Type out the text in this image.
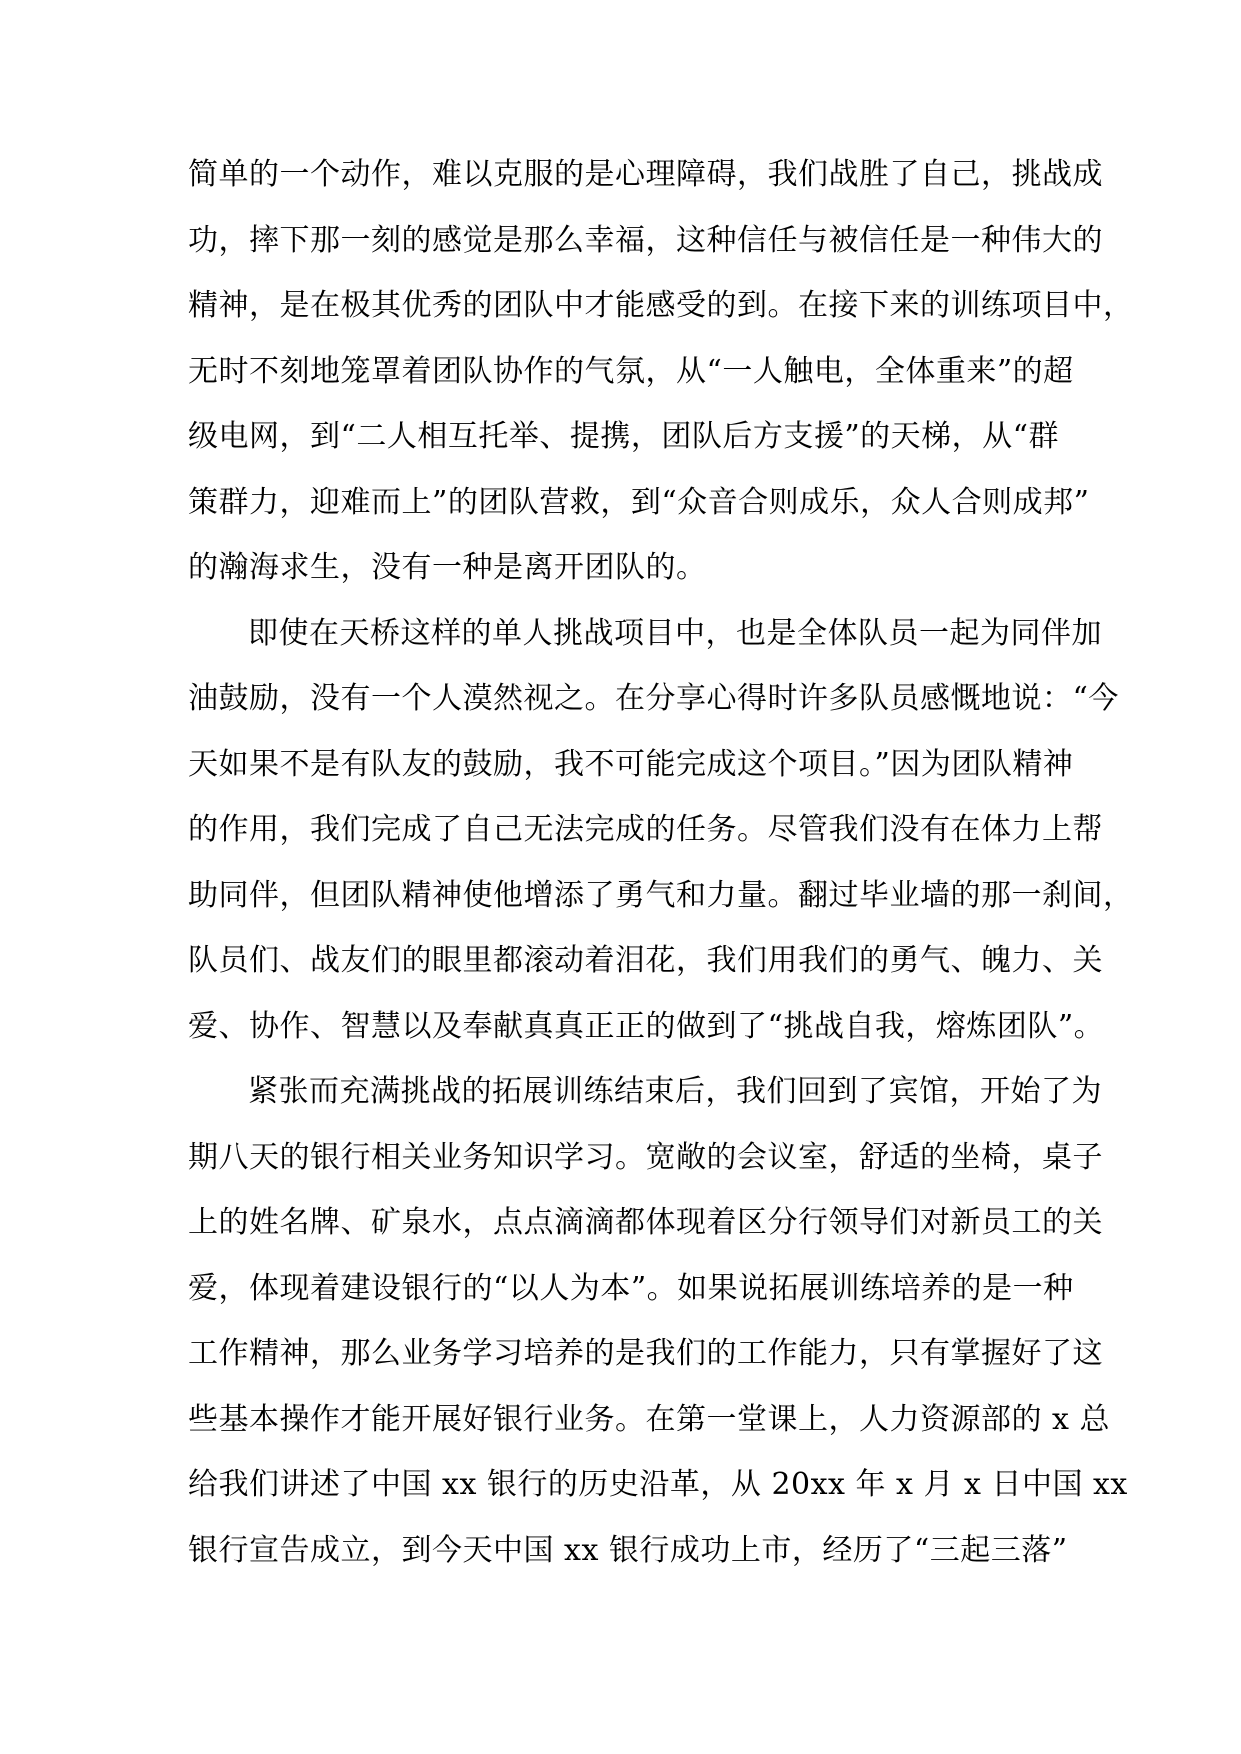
简单的一个动作，难以克服的是心理障碍，我们战胜了自己，挑战成
功，摔下那一刻的感觉是那么幸福，这种信任与被信任是一种伟大的
精神，是在极其优秀的团队中才能感受的到。在接下来的训练项目中，
无时不刻地笼罩着团队协作的气氛，从“一人触电，全体重来”的超
级电网，到“二人相互托举、提携，团队后方支援”的天梯，从“群
策群力，迎难而上”的团队营救，到“众音合则成乐，众人合则成邦”
的瀚海求生，没有一种是离开团队的。
即使在天桥这样的单人挑战项目中，也是全体队员一起为同伴加
油鼓励，没有一个人漠然视之。在分享心得时许多队员感慨地说：“今
天如果不是有队友的鼓励，我不可能完成这个项目。”因为团队精神
的作用，我们完成了自己无法完成的任务。尽管我们没有在体力上帮
助同伴，但团队精神使他增添了勇气和力量。翻过毕业墙的那一刹间，
队员们、战友们的眼里都滚动着泪花，我们用我们的勇气、魄力、关
爱、协作、智慧以及奉献真真正正的做到了“挑战自我，熔炼团队”。
紧张而充满挑战的拓展训练结束后，我们回到了宾馆，开始了为
期八天的银行相关业务知识学习。宽敞的会议室，舒适的坐椅，桌子
上的姓名牌、矿泉水，点点滴滴都体现着区分行领导们对新员工的关
爱，体现着建设银行的“以人为本”。如果说拓展训练培养的是一种
工作精神，那么业务学习培养的是我们的工作能力，只有掌握好了这
些基本操作才能开展好银行业务。在第一堂课上，人力资源部的 x 总
给我们讲述了中国 xx 银行的历史沿革，从 20xx 年 x 月 x 日中国 xx
银行宣告成立，到今天中国 xx 银行成功上市，经历了“三起三落”
